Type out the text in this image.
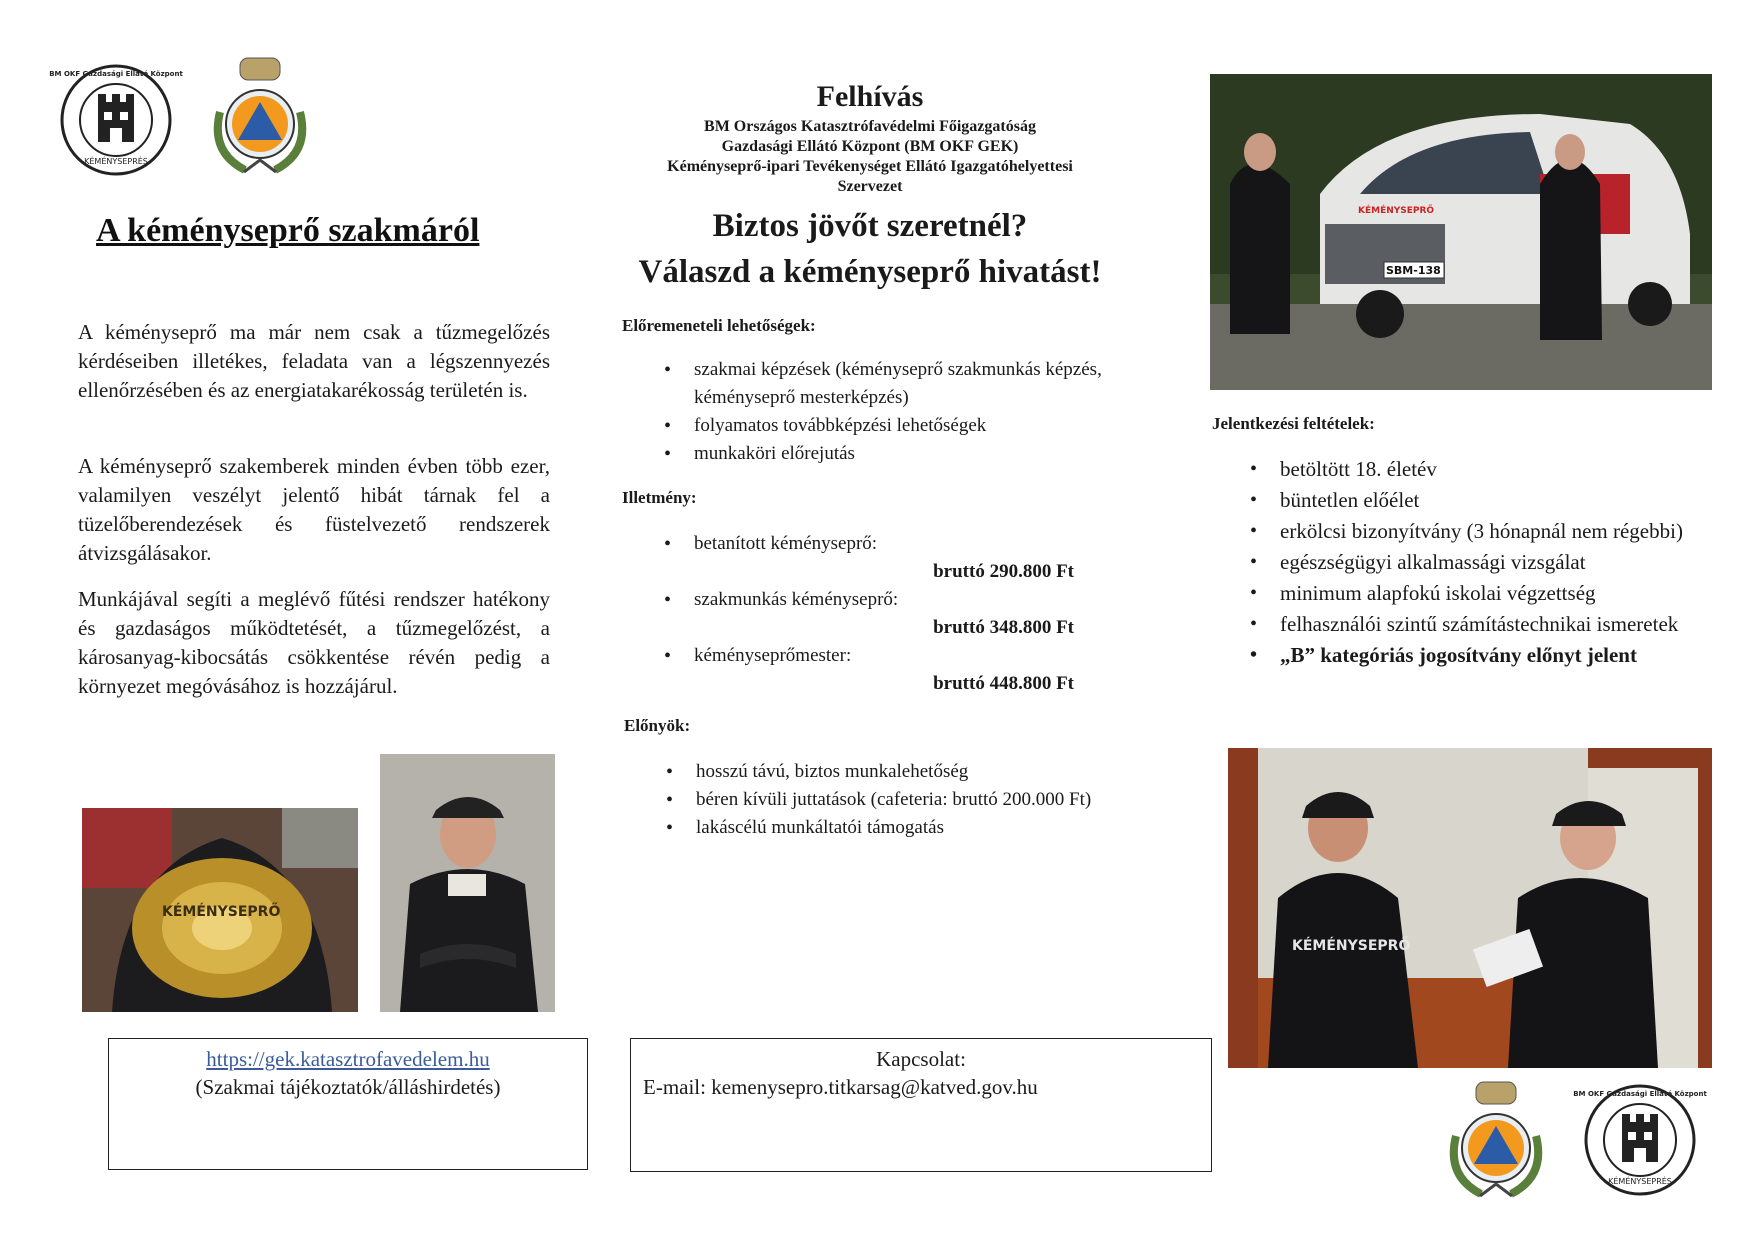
KÉMÉNYSEPRÉS
BM OKF Gazdasági Ellátó Központ
A kéményseprő szakmáról
A kéményseprő ma már nem csak a tűzmegelőzés kérdéseiben illetékes, feladata van a légszennyezés ellenőrzésében és az energiatakarékosság területén is.
A kéményseprő szakemberek minden évben több ezer, valamilyen veszélyt jelentő hibát tárnak fel a tüzelőberendezések és füstelvezető rendszerek átvizsgálásakor.
Munkájával segíti a meglévő fűtési rendszer hatékony és gazdaságos működtetését, a tűzmegelőzést, a károsanyag-kibocsátás csökkentése révén pedig a környezet megóvásához is hozzájárul.
KÉMÉNYSEPRŐ
https://gek.katasztrofavedelem.hu
(Szakmai tájékoztatók/álláshirdetés)
Felhívás
BM Országos Katasztrófavédelmi Főigazgatóság
Gazdasági Ellátó Központ (BM OKF GEK)
Kéményseprő-ipari Tevékenységet Ellátó Igazgatóhelyettesi
Szervezet
Biztos jövőt szeretnél?
Válaszd a kéményseprő hivatást!
Előremeneteli lehetőségek:
• szakmai képzések (kéményseprő szakmunkás képzés, kéményseprő mesterképzés)
• folyamatos továbbképzési lehetőségek
• munkaköri előrejutás
Illetmény:
• betanított kéményseprő:
bruttó 290.800 Ft
• szakmunkás kéményseprő:
bruttó 348.800 Ft
• kéményseprőmester:
bruttó 448.800 Ft
Előnyök:
• hosszú távú, biztos munkalehetőség
• béren kívüli juttatások (cafeteria: bruttó 200.000 Ft)
• lakáscélú munkáltatói támogatás
Kapcsolat:
E-mail: kemenysepro.titkarsag@katved.gov.hu
SBM-138
KÉMÉNYSEPRŐ
Jelentkezési feltételek:
• betöltött 18. életév
• büntetlen előélet
• erkölcsi bizonyítvány (3 hónapnál nem régebbi)
• egészségügyi alkalmassági vizsgálat
• minimum alapfokú iskolai végzettség
• felhasználói szintű számítástechnikai ismeretek
• „B” kategóriás jogosítvány előnyt jelent
KÉMÉNYSEPRŐ
KÉMÉNYSEPRÉS
BM OKF Gazdasági Ellátó Központ
